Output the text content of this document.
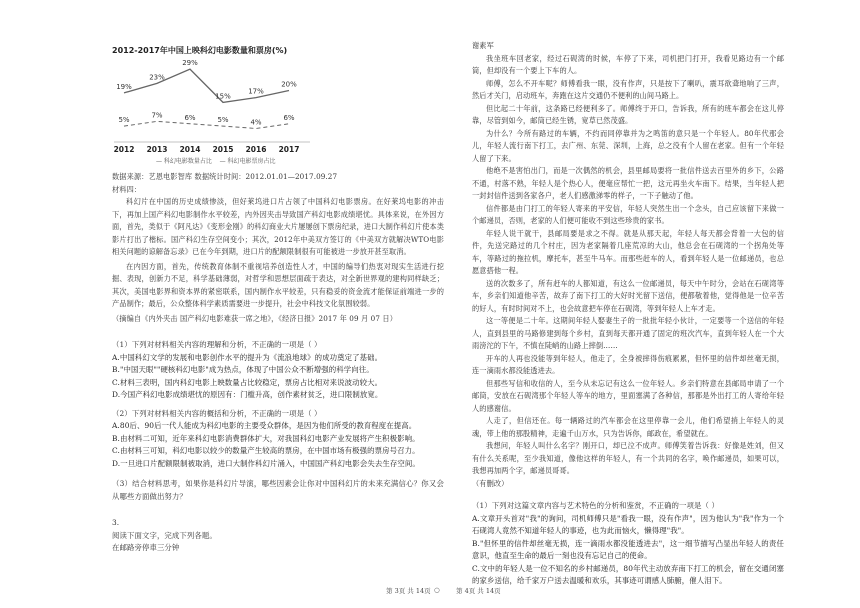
2012-2017年中国上映科幻电影数量和票房(%)
5%
7%	6%	5%	4%
6%
19%
23%
29%
15%
17%
20%
2012 2013 2014 2015 2016 2017
— 科幻电影数量占比 — 科幻电影票房占比

数据来源：艺恩电影智库 数据统计时间：2012.01.01—2017.09.27

材料四：

科幻片在中国的历史成绩惨淡，但好莱坞进口片占领了中国科幻电影票房。在好莱坞电影的冲击下，再加上国产科幻电影制作水平较差，内外因夹击导致国产科幻电影成绩堪忧。具体来说，在外因方面，首先，类似于《阿凡达》《变形金刚》的科幻商业大片屡屡创下票房纪录，进口大制作科幻片使本类影片打出了楷标。国产科幻生存空间变小；其次，2012年中美双方签订的《中美双方就解决WTO电影相关问题的谅解备忘录》已在今年到期，进口片的配额限制很有可能被进一步放开甚至取消。

在内因方面，首先，传统教育体制不重视培养创造性人才，中国的编导们热衷对现实生活进行挖掘、表现，创新力不足，科学基础薄弱，对哲学和思想层面疏于表达，对全新世界观的建构同样缺乏；其次，美国电影界和资本界的紧密联系，国内制作水平较差，只有稳妥的资金流才能保证前端进一步的产品制作；最后，公众整体科学素质需要进一步提升，社会中科技文化氛围较弱。

（摘编自《内外夹击 国产科幻电影难获一席之地》，《经济日报》2017 年 09 月 07 日）

（1）下列对材料相关内容的理解和分析，不正确的一项是（ ）

A.中国科幻文学的发展和电影创作水平的提升为《流浪地球》的成功奠定了基础。

B."中国天眼""硬核科幻电影"成为热点，体现了中国公众不断增强的科学向往。

C.材料三表明，国内科幻电影上映数量占比较稳定，票房占比相对来说波动较大。

D.今国产科幻电影成绩堪忧的原因有：门槛升高，创作素材贫乏，进口限制放宽。

（2）下列对材料相关内容的概括和分析，不正确的一项是（ ）

A.80后、90后一代人能成为科幻电影的主要受众群体，是因为他们所受的教育程度在提高。

B.由材料二可知，近年来科幻电影消费群体扩大，对我国科幻电影产业发展将产生积极影响。

C.由材料三可知，科幻电影以较少的数量产生较高的票房，在中国市场有极强的票房号召力。

D.一旦进口片配额限制被取消，进口大制作科幻片涌入，中国国产科幻电影会失去生存空间。

（3）结合材料思考，如果你是科幻片导演，哪些因素会让你对中国科幻片的未来充满信心？你又会从哪些方面做出努力？

3.

阅读下面文字，完成下列各题。

在邮路旁停車三分钟

谢素军

我坐班车回老家，经过石砚湾的时候，车停了下来，司机把门打开，我看见路边有一个邮筒，但却没有一个要上下车的人。

师傅，怎么不开车呢？师傅看我一眼，没有作声，只是按下了喇叭，震耳欲聋地响了三声，然后才关门，启动班车，奔跑在这片交通仍不便利的山间马路上。

但比起二十年前，这条路已经便利多了。师傅终于开口，告诉我，所有的班车都会在这儿停靠，尽管到如今，邮筒已经生锈，宽草已然茂盛。

为什么？今所有路过的车辆，不约而同停靠并为之鸣笛的意只是一个年轻人。80年代那会儿，年轻人流行南下打工，去广州、东莞、深圳，上海，总之没有个人留在老家。但有一个年轻人留了下来。

他绝不是害怕出门，而是一次偶然的机会，县里邮局要将一批信件送去百里外的乡下，公路不通，村落不熟，年轻人是个热心人，便毫应帮忙一把，这元再坐火车南下。结果，当年轻人把一封封信件送到各家各户，老人们感激涕零的样子，一下子触动了他。

信件都是由门打工的年轻人寄来的平安信，年轻人突然生出一个念头，自己应该留下来做一个邮递员，否则，老家的人们便可能收不到这些珍贵的家书。

年轻人说干就干，县邮局要是求之不得。就是从那天起，年轻人每天都会背着一大包的信件，先送完路过的几个村庄，因为老家隔着几座荒凉的大山，他总会在石砚湾的一个拐角处等车，等路过的拖拉机，摩托车，甚至牛马车。而那些赶车的人，看到年轻人是一位邮递员，也总愿意搭他一程。

送的次数多了，所有赶车的人都知道，有这么一位邮递员，每天中午时分，会站在石砚湾等车，乡亲们知道他辛苦，故弃了南下打工的大好时光留下送信，便都敬着他，觉得他是一位辛苦的好人，有时时间对不上，也会故意把车停在石砚湾，等到年轻人上车才走。

这一等便是二十年。这期间年轻人娶妻生子的一批批年轻小伙计，一定要等一个送信的年轻人，直到县里的马路修建到每个乡村，直到每天都开通了固定的班次汽车，直到年轻人在一个大雨滂沱的下午，不慎在陡峭的山路上摔倒……

开车的人再也没能等到年轻人，他走了，全身被摔得伤痕累累，但怀里的信件却丝毫无损，连一滴雨水都没能透进去。

但那些写信和收信的人，至今从未忘记有这么一位年轻人。乡亲们特意在县邮局申请了一个邮筒，安放在石砚湾那个年轻人等车的地方，里面塞满了各种信，那都是外出打工的人寄给年轻人的感谢信。

人走了，但信还在。每一辆路过的汽车都会在这里停靠一会儿，他们希望捎上年轻人的灵魂，带上他的那股精神，走遍千山万水，只为告诉你，邮政在，希望就在。

我想问，年轻人叫什么名字？刚开口，却已泣不成声。师傅笑着告诉我：好像是姓刘，但又有什么关系呢，至少我知道，像他这样的年轻人，有一个共同的名字，唤作邮递员，如果可以，我想再加两个字，邮递员哥哥。

（有删改）

（1）下列对这篇文章内容与艺术特色的分析和鉴赏，不正确的一项是（ ）

A.文章开头首对"我"的询问，司机师傅只是"看我一眼，没有作声"，因为他认为"我"作为一个石砚湾人竟然不知道年轻人的事迹，也为此而恼火，懒得理"我"。

B."但怀里的信件却丝毫无损，连一滴雨水都没能透进去"，这一细节描写凸显出年轻人的责任意识，他直至生命的最后一刻也没有忘记自己的使命。

C.文中的年轻人是一位不知名的乡村邮递员，80年代主动放弃南下打工的机会，留在交通闭塞的家乡送信，给千家万户送去温暖和欢乐，其事迹可谓感人肺腑，催人泪下。

第 3页 共 14页 ○	第 4页 共 14页
